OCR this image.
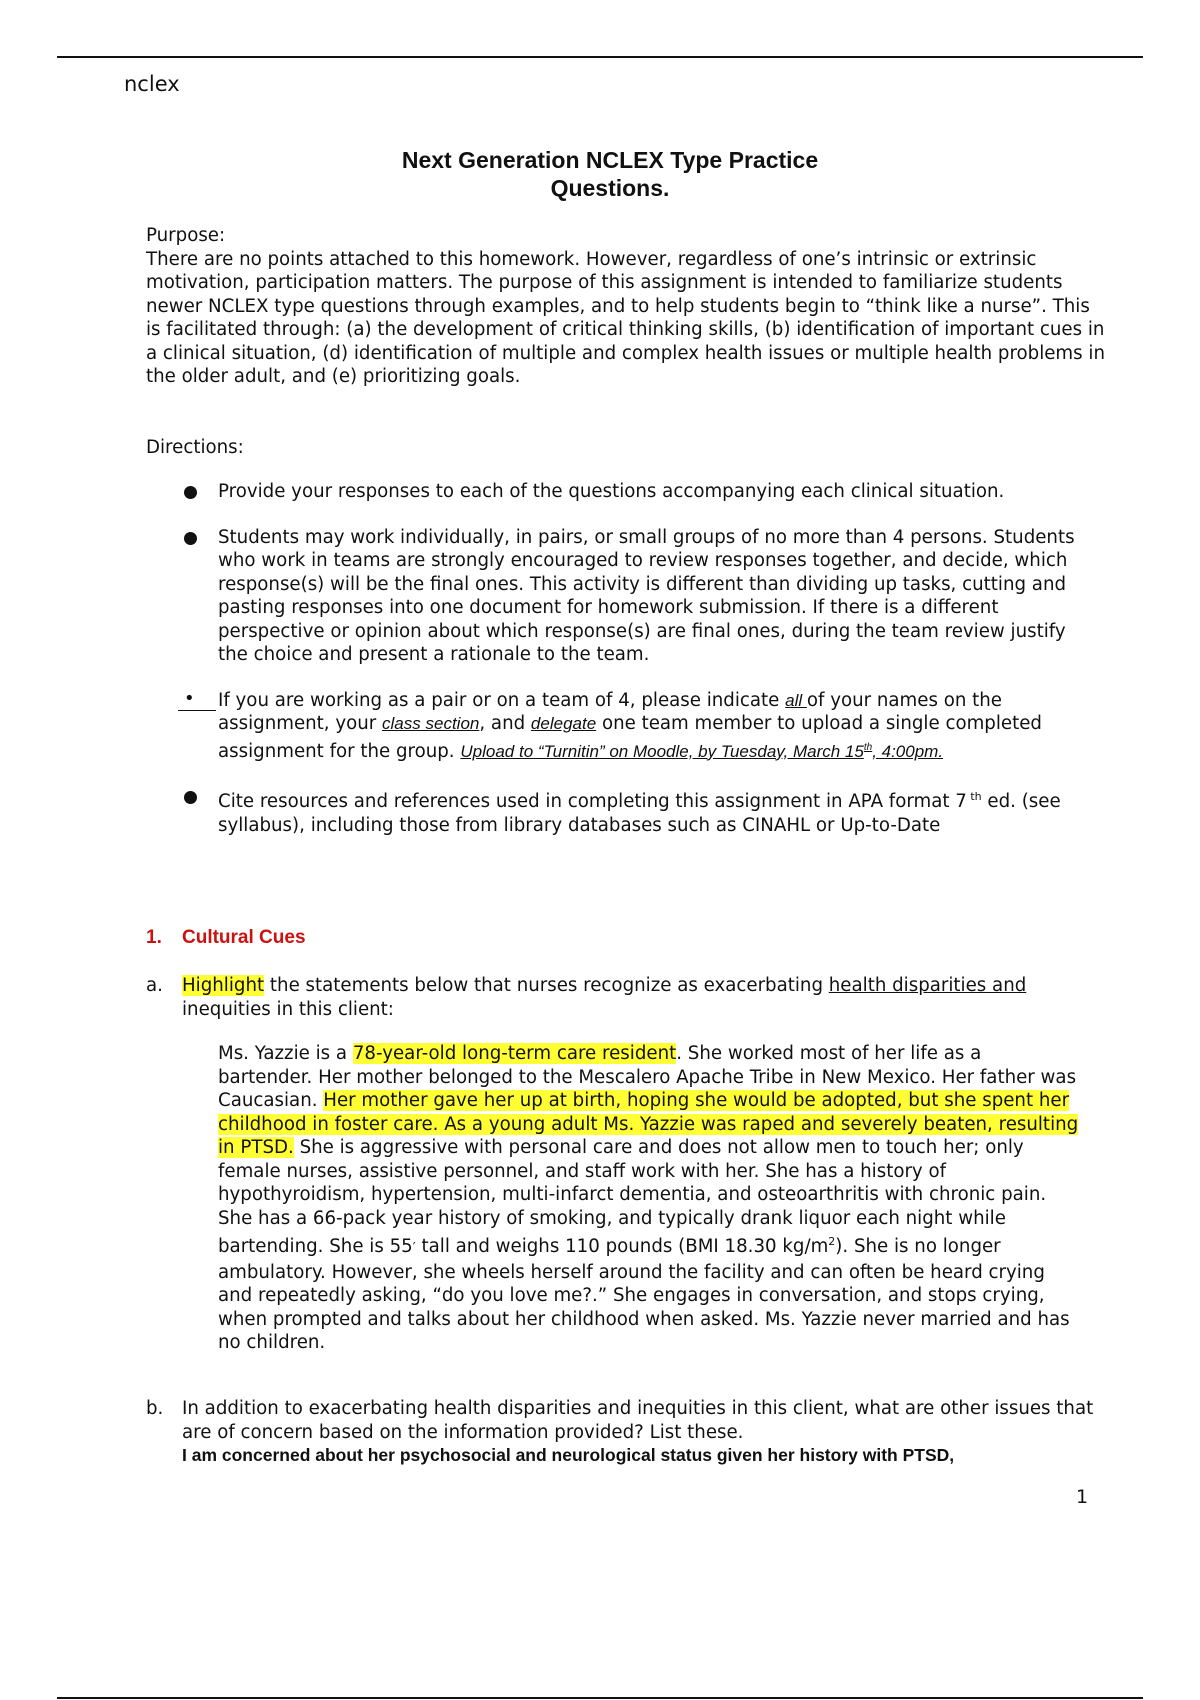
nclex
Next Generation NCLEX Type Practice
Questions.
Purpose:
There are no points attached to this homework. However, regardless of one’s intrinsic or extrinsic motivation, participation matters. The purpose of this assignment is intended to familiarize students newer NCLEX type questions through examples, and to help students begin to “think like a nurse”. This is facilitated through: (a) the development of critical thinking skills, (b) identification of important cues in a clinical situation, (d) identification of multiple and complex health issues or multiple health problems in the older adult, and (e) prioritizing goals.
Directions:
Provide your responses to each of the questions accompanying each clinical situation.
Students may work individually, in pairs, or small groups of no more than 4 persons. Students who work in teams are strongly encouraged to review responses together, and decide, which response(s) will be the final ones. This activity is different than dividing up tasks, cutting and pasting responses into one document for homework submission. If there is a different perspective or opinion about which response(s) are final ones, during the team review justify the choice and present a rationale to the team.
•	If you are working as a pair or on a team of 4, please indicate all of your names on the assignment, your class section, and delegate one team member to upload a single completed assignment for the group. Upload to “Turnitin” on Moodle, by Tuesday, March 15th, 4:00pm.
Cite resources and references used in completing this assignment in APA format 7 $^{th}$ ed. (see syllabus), including those from library databases such as CINAHL or Up-to-Date
1. Cultural Cues
a. Highlight the statements below that nurses recognize as exacerbating health disparities and inequities in this client:
Ms. Yazzie is a 78-year-old long-term care resident. She worked most of her life as a bartender. Her mother belonged to the Mescalero Apache Tribe in New Mexico. Her father was Caucasian. Her mother gave her up at birth, hoping she would be adopted, but she spent her childhood in foster care. As a young adult Ms. Yazzie was raped and severely beaten, resulting in PTSD. She is aggressive with personal care and does not allow men to touch her; only female nurses, assistive personnel, and staff work with her. She has a history of hypothyroidism, hypertension, multi-infarct dementia, and osteoarthritis with chronic pain. She has a 66-pack year history of smoking, and typically drank liquor each night while bartending. She is 55′ tall and weighs 110 pounds (BMI 18.30 $kg/m^2$). She is no longer ambulatory. However, she wheels herself around the facility and can often be heard crying and repeatedly asking, “do you love me?.” She engages in conversation, and stops crying, when prompted and talks about her childhood when asked. Ms. Yazzie never married and has no children.
b. In addition to exacerbating health disparities and inequities in this client, what are other issues that are of concern based on the information provided? List these.
I am concerned about her psychosocial and neurological status given her history with PTSD,
1
